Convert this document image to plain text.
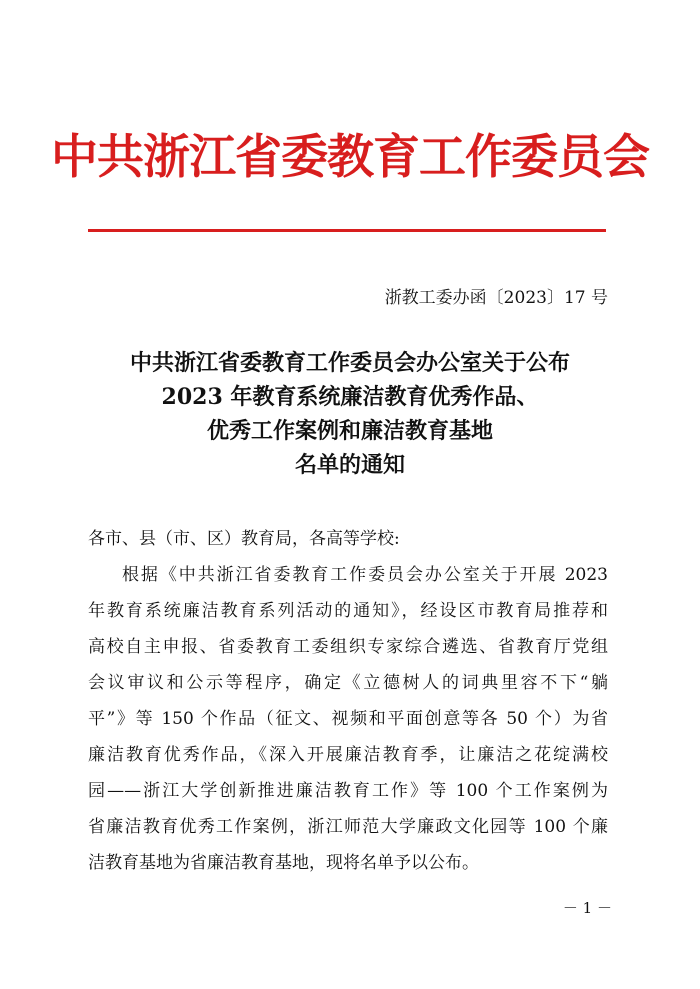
中共浙江省委教育工作委员会
浙教工委办函〔2023〕17 号
中共浙江省委教育工作委员会办公室关于公布
2023 年教育系统廉洁教育优秀作品、
优秀工作案例和廉洁教育基地
名单的通知
各市、县（市、区）教育局，各高等学校:
根据《中共浙江省委教育工作委员会办公室关于开展 2023
年教育系统廉洁教育系列活动的通知》，经设区市教育局推荐和
高校自主申报、省委教育工委组织专家综合遴选、省教育厅党组
会议审议和公示等程序，确定《立德树人的词典里容不下“躺
平”》等 150 个作品（征文、视频和平面创意等各 50 个）为省
廉洁教育优秀作品，《深入开展廉洁教育季，让廉洁之花绽满校
园——浙江大学创新推进廉洁教育工作》等 100 个工作案例为
省廉洁教育优秀工作案例，浙江师范大学廉政文化园等 100 个廉
洁教育基地为省廉洁教育基地，现将名单予以公布。
－ 1 －
